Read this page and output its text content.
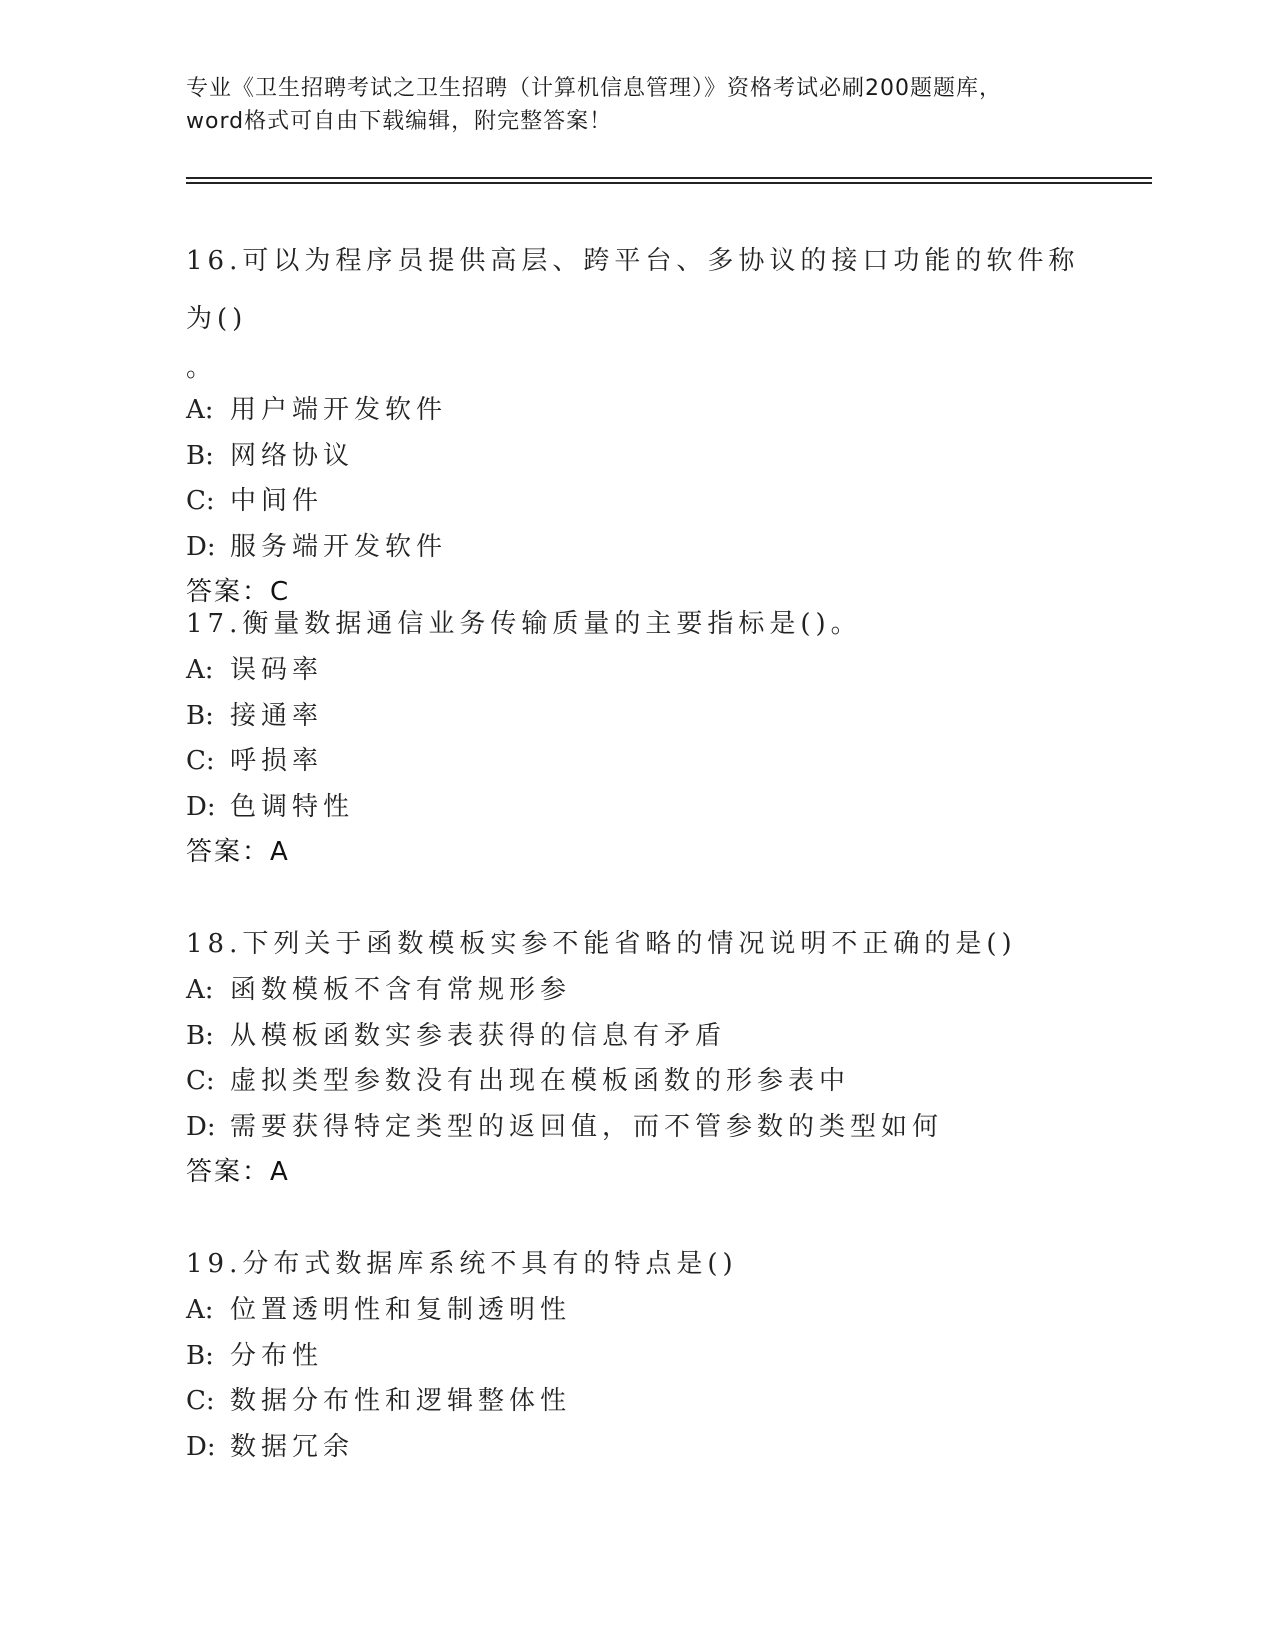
专业《卫生招聘考试之卫生招聘（计算机信息管理）》资格考试必刷200题题库，
word格式可自由下载编辑，附完整答案！

16.可以为程序员提供高层、跨平台、多协议的接口功能的软件称为()

。

A: 用户端开发软件

B: 网络协议

C: 中间件

D: 服务端开发软件

答案：C

17.衡量数据通信业务传输质量的主要指标是()。

A: 误码率

B: 接通率

C: 呼损率

D: 色调特性

答案：A

18.下列关于函数模板实参不能省略的情况说明不正确的是()

A: 函数模板不含有常规形参

B: 从模板函数实参表获得的信息有矛盾

C: 虚拟类型参数没有出现在模板函数的形参表中

D: 需要获得特定类型的返回值，而不管参数的类型如何

答案：A

19.分布式数据库系统不具有的特点是()

A: 位置透明性和复制透明性

B: 分布性

C: 数据分布性和逻辑整体性

D: 数据冗余
